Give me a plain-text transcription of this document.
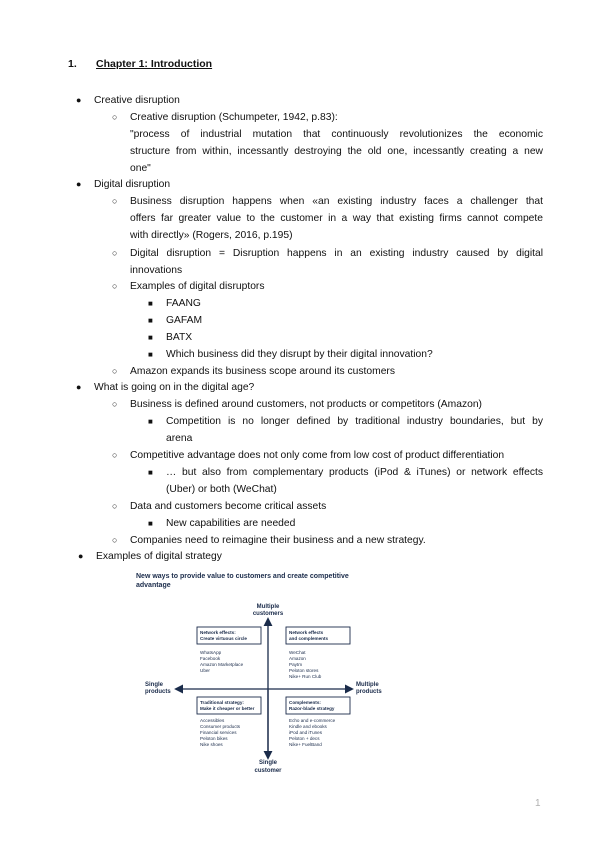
1. Chapter 1: Introduction
● Creative disruption
○ Creative disruption (Schumpeter, 1942, p.83):
"process of industrial mutation that continuously revolutionizes the economic
structure from within, incessantly destroying the old one, incessantly creating a new
one"
● Digital disruption
○ Business disruption happens when «an existing industry faces a challenger that
offers far greater value to the customer in a way that existing firms cannot compete
with directly» (Rogers, 2016, p.195)
○ Digital disruption = Disruption happens in an existing industry caused by digital
innovations
○ Examples of digital disruptors
■ FAANG
■ GAFAM
■ BATX
■ Which business did they disrupt by their digital innovation?
○ Amazon expands its business scope around its customers
● What is going on in the digital age?
○ Business is defined around customers, not products or competitors (Amazon)
■ Competition is no longer defined by traditional industry boundaries, but by
arena
○ Competitive advantage does not only come from low cost of product differentiation
■ … but also from complementary products (iPod & iTunes) or network effects
(Uber) or both (WeChat)
○ Data and customers become critical assets
■ New capabilities are needed
○ Companies need to reimagine their business and a new strategy.
● Examples of digital strategy
New ways to provide value to customers and create competitive
advantage
Multiple
customers
Single
customer
Single
products
Multiple
products
Network effects:
Create virtuous circle
Network effects
and complements
Traditional strategy:
Make it cheaper or better
Complements:
Razor-blade strategy
WhatsApp
Facebook
Amazon Marketplace
Uber
WeChat
Amazon
Paytm
Peloton stores
Nike+ Run Club
Accessibles
Consumer products
Financial services
Peloton bikes
Nike shoes
Echo and e-commerce
Kindle and ebooks
iPod and iTunes
Peloton + decs
Nike+ FuelBand
1
